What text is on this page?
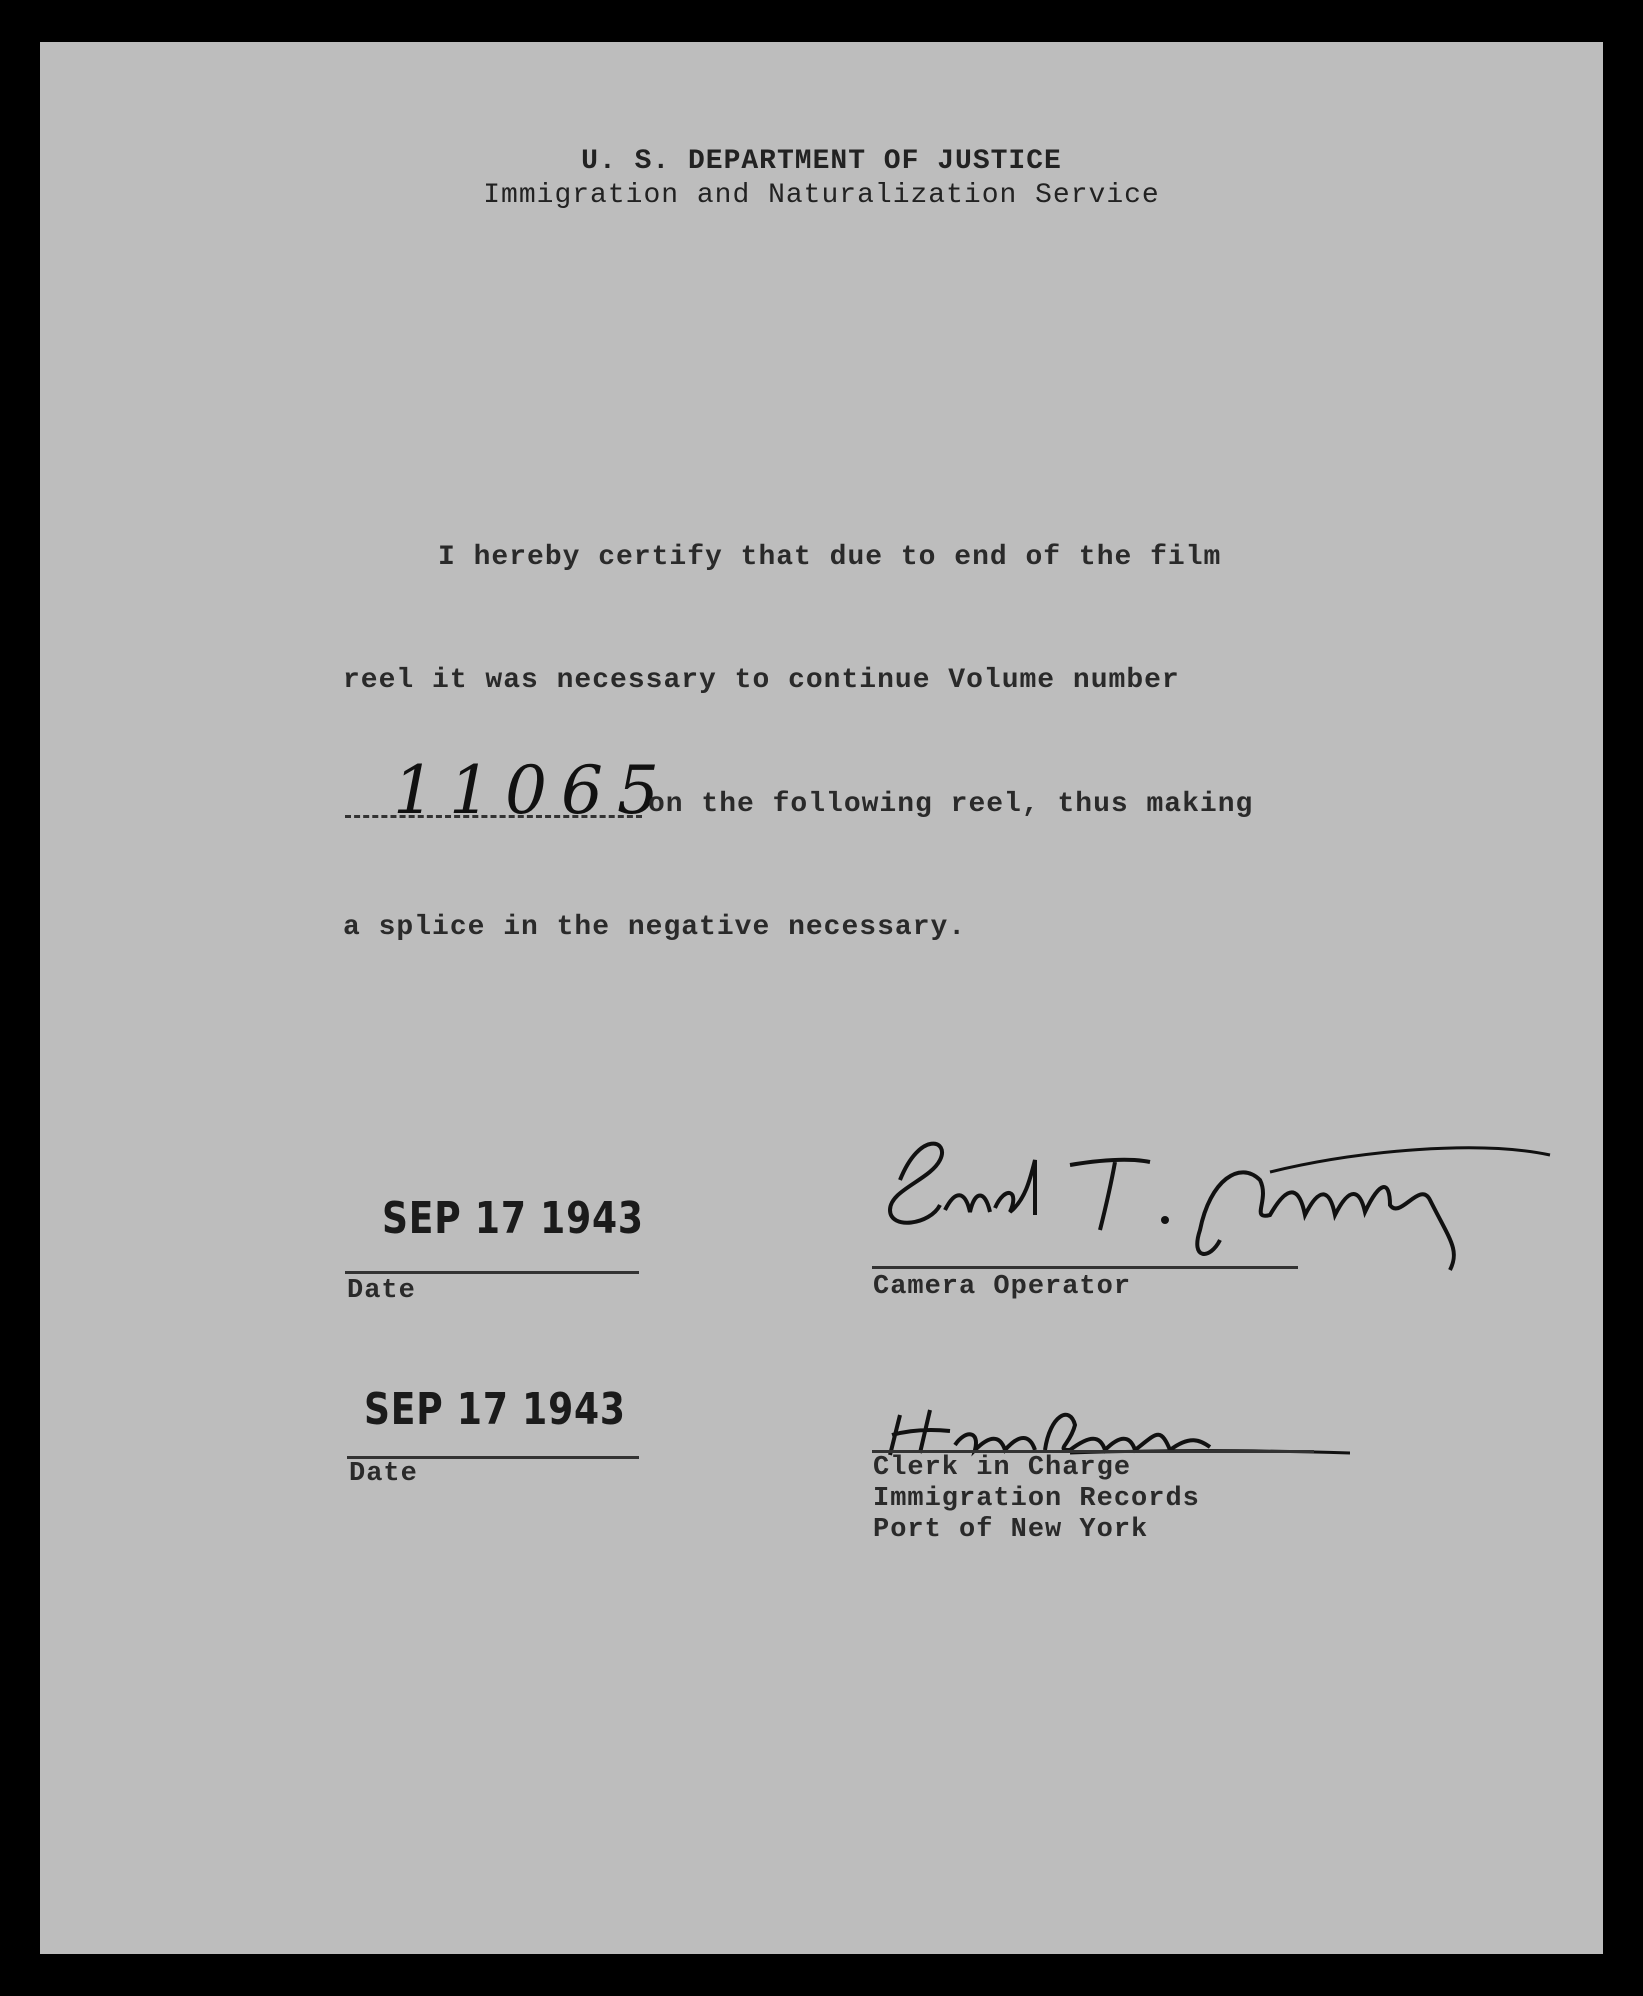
U. S. DEPARTMENT OF JUSTICE
Immigration and Naturalization Service
I hereby certify that due to end of the film
reel it was necessary to continue Volume number
11065
on the following reel, thus making
a splice in the negative necessary.
SEP 17 1943
Date	Camera Operator
SEP 17 1943
Date	Clerk in Charge
Immigration Records
Port of New York
